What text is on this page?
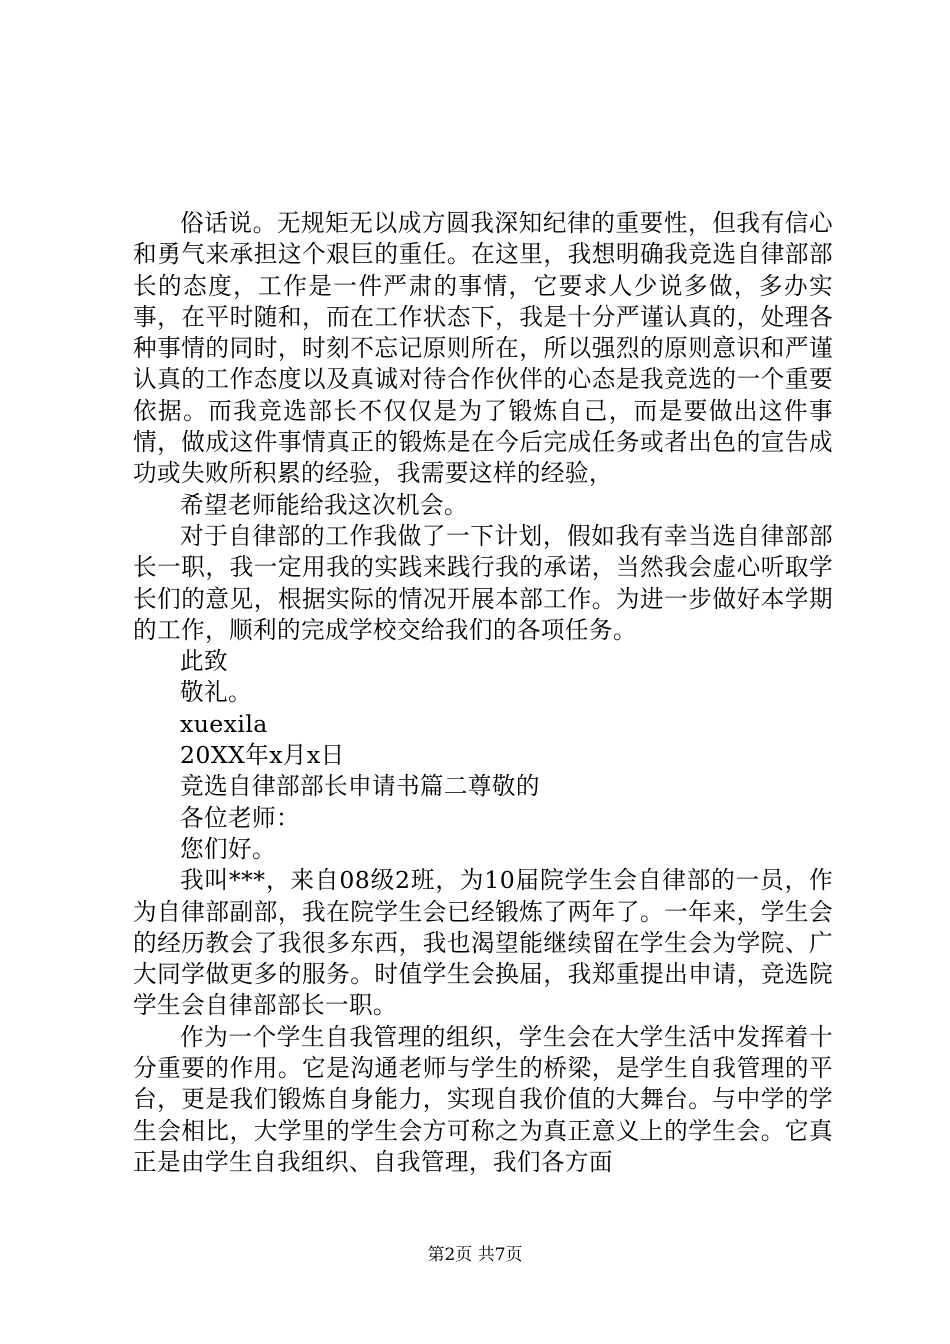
俗话说。无规矩无以成方圆我深知纪律的重要性，但我有信心和勇气来承担这个艰巨的重任。在这里，我想明确我竞选自律部部长的态度，工作是一件严肃的事情，它要求人少说多做，多办实事，在平时随和，而在工作状态下，我是十分严谨认真的，处理各种事情的同时，时刻不忘记原则所在，所以强烈的原则意识和严谨认真的工作态度以及真诚对待合作伙伴的心态是我竞选的一个重要依据。而我竞选部长不仅仅是为了锻炼自己，而是要做出这件事情，做成这件事情真正的锻炼是在今后完成任务或者出色的宣告成功或失败所积累的经验，我需要这样的经验，

希望老师能给我这次机会。

对于自律部的工作我做了一下计划，假如我有幸当选自律部部长一职，我一定用我的实践来践行我的承诺，当然我会虚心听取学长们的意见，根据实际的情况开展本部工作。为进一步做好本学期的工作，顺利的完成学校交给我们的各项任务。

此致

敬礼。

xuexila

20XX年x月x日

竞选自律部部长申请书篇二尊敬的

各位老师：

您们好。

我叫***，来自08级2班，为10届院学生会自律部的一员，作为自律部副部，我在院学生会已经锻炼了两年了。一年来，学生会的经历教会了我很多东西，我也渴望能继续留在学生会为学院、广大同学做更多的服务。时值学生会换届，我郑重提出申请，竞选院学生会自律部部长一职。

作为一个学生自我管理的组织，学生会在大学生活中发挥着十分重要的作用。它是沟通老师与学生的桥梁，是学生自我管理的平台，更是我们锻炼自身能力，实现自我价值的大舞台。与中学的学生会相比，大学里的学生会方可称之为真正意义上的学生会。它真正是由学生自我组织、自我管理，我们各方面

第2页 共7页
